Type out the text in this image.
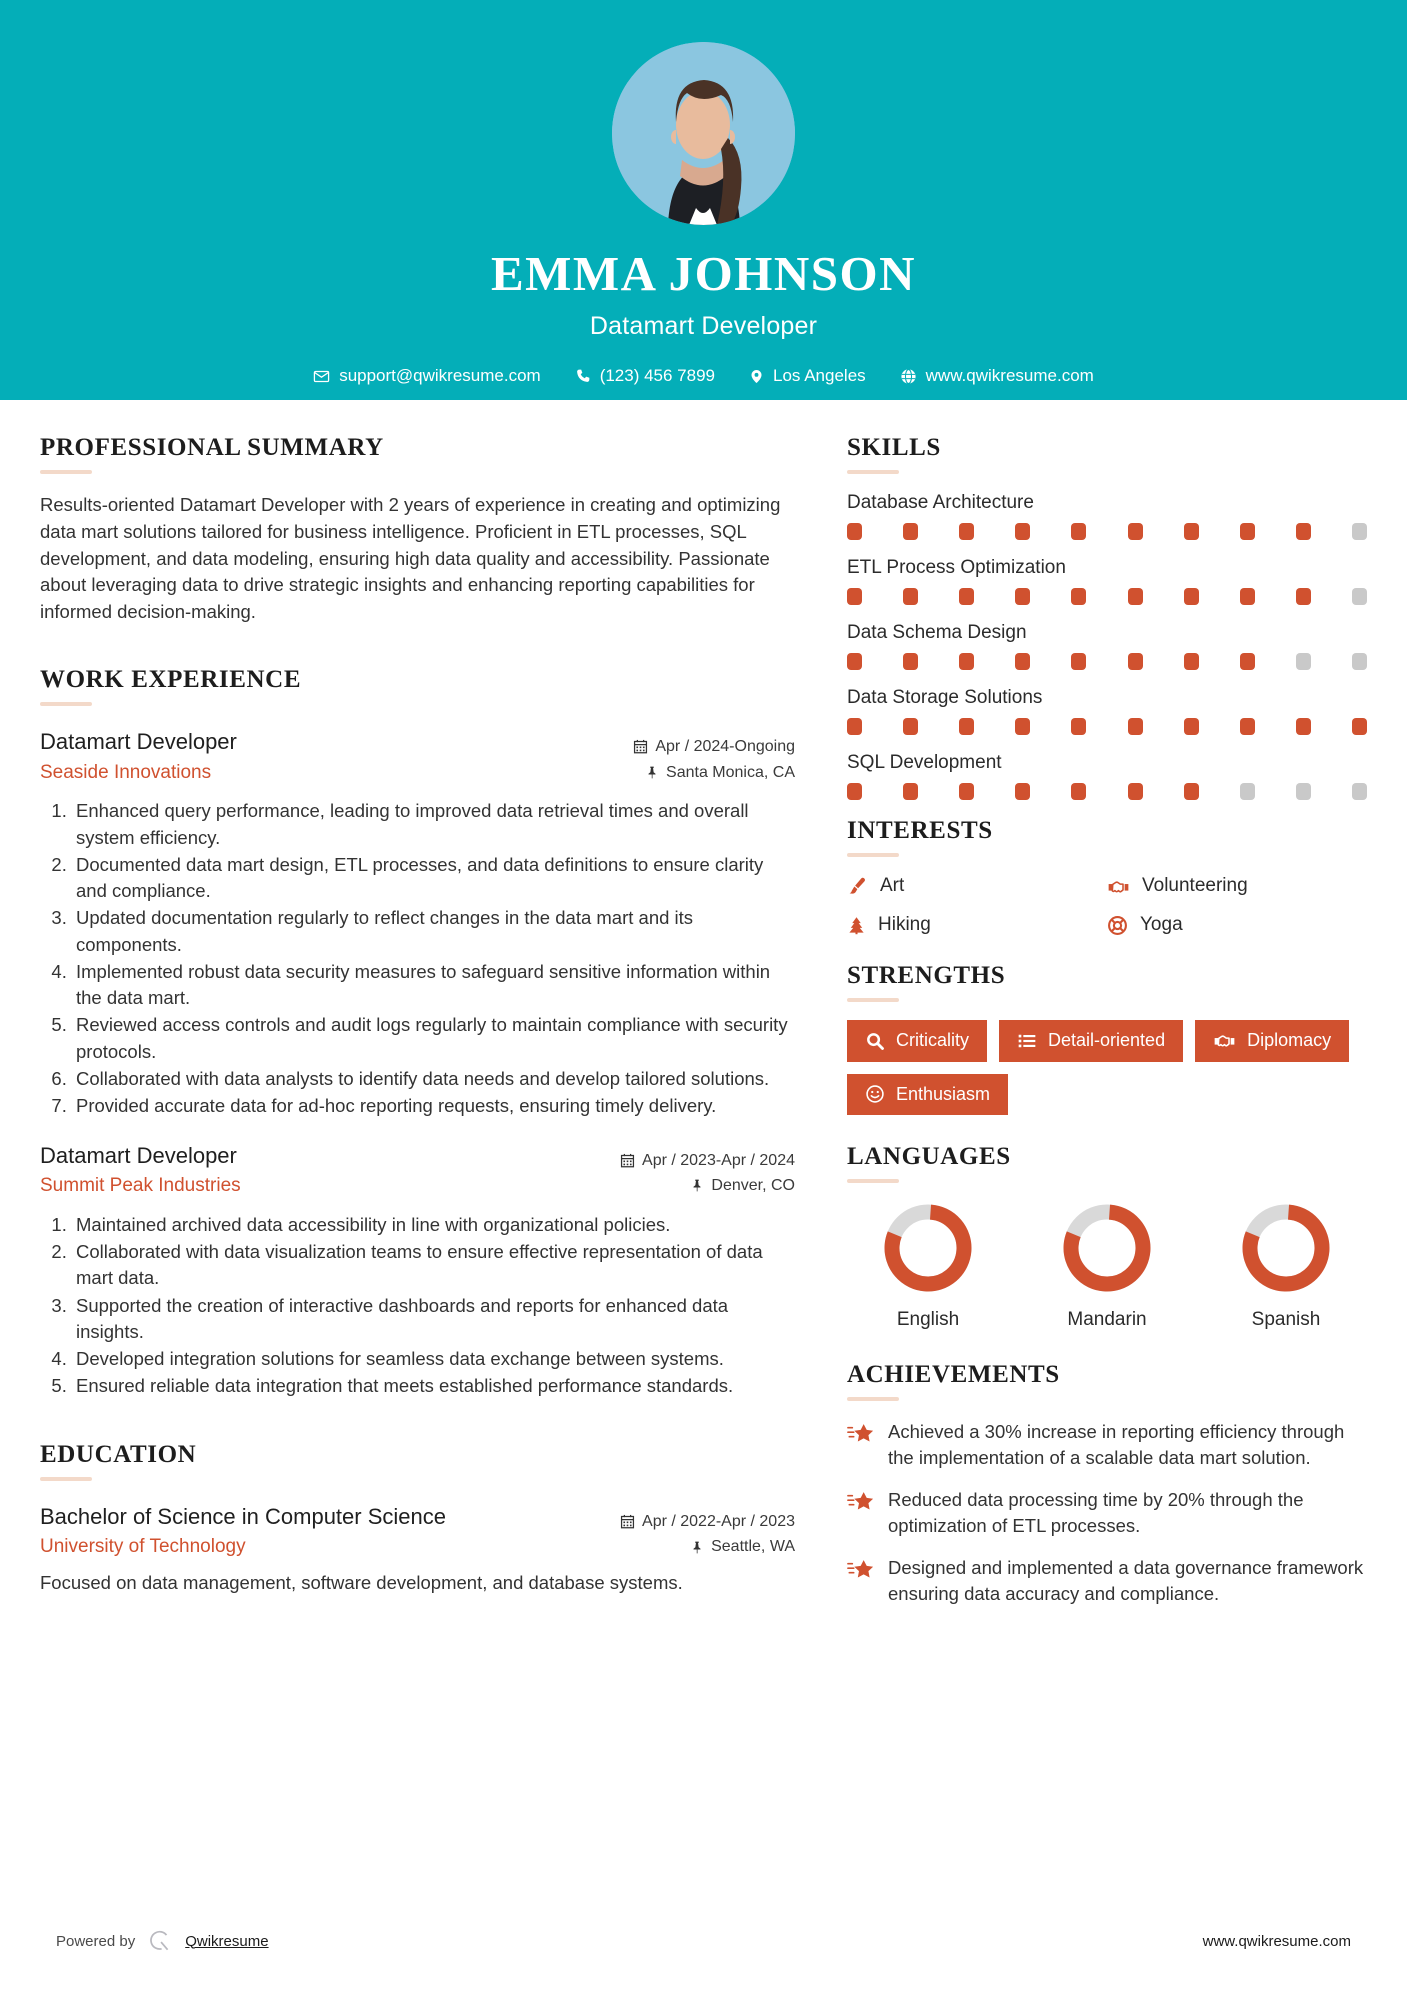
EMMA JOHNSON
Datamart Developer
support@qwikresume.com	(123) 456 7899	Los Angeles	www.qwikresume.com
PROFESSIONAL SUMMARY
Results-oriented Datamart Developer with 2 years of experience in creating and optimizing data mart solutions tailored for business intelligence. Proficient in ETL processes, SQL development, and data modeling, ensuring high data quality and accessibility. Passionate about leveraging data to drive strategic insights and enhancing reporting capabilities for informed decision-making.
WORK EXPERIENCE
Datamart Developer
Seaside Innovations
Apr / 2024-Ongoing
Santa Monica, CA
1. Enhanced query performance, leading to improved data retrieval times and overall system efficiency.
2. Documented data mart design, ETL processes, and data definitions to ensure clarity and compliance.
3. Updated documentation regularly to reflect changes in the data mart and its components.
4. Implemented robust data security measures to safeguard sensitive information within the data mart.
5. Reviewed access controls and audit logs regularly to maintain compliance with security protocols.
6. Collaborated with data analysts to identify data needs and develop tailored solutions.
7. Provided accurate data for ad-hoc reporting requests, ensuring timely delivery.
Datamart Developer
Summit Peak Industries
Apr / 2023-Apr / 2024
Denver, CO
1. Maintained archived data accessibility in line with organizational policies.
2. Collaborated with data visualization teams to ensure effective representation of data mart data.
3. Supported the creation of interactive dashboards and reports for enhanced data insights.
4. Developed integration solutions for seamless data exchange between systems.
5. Ensured reliable data integration that meets established performance standards.
EDUCATION
Bachelor of Science in Computer Science
University of Technology
Apr / 2022-Apr / 2023
Seattle, WA
Focused on data management, software development, and database systems.
SKILLS
Database Architecture
ETL Process Optimization
Data Schema Design
Data Storage Solutions
SQL Development
INTERESTS
Art	Volunteering
Hiking	Yoga
STRENGTHS
Criticality	Detail-oriented	Diplomacy
Enthusiasm
LANGUAGES
English	Mandarin	Spanish
ACHIEVEMENTS
Achieved a 30% increase in reporting efficiency through the implementation of a scalable data mart solution.
Reduced data processing time by 20% through the optimization of ETL processes.
Designed and implemented a data governance framework ensuring data accuracy and compliance.
Powered by	Qwikresume	www.qwikresume.com
